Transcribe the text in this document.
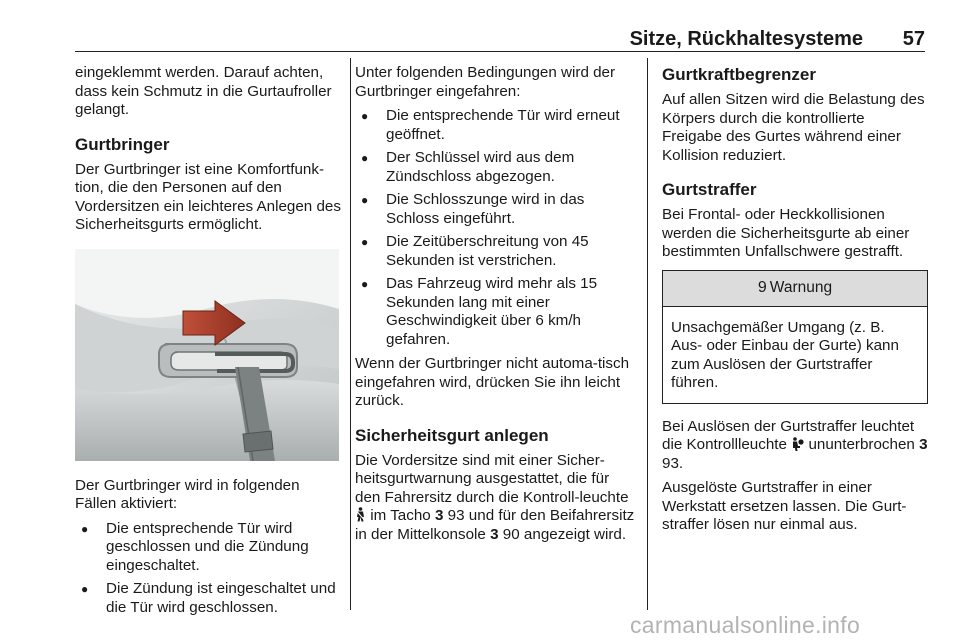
Sitze, Rückhaltesysteme 57

eingeklemmt werden. Darauf achten, dass kein Schmutz in die Gurtaufroller gelangt.

Gurtbringer

Der Gurtbringer ist eine Komfortfunk-tion, die den Personen auf den Vordersitzen ein leichteres Anlegen des Sicherheitsgurts ermöglicht.

Der Gurtbringer wird in folgenden Fällen aktiviert:

● Die entsprechende Tür wird geschlossen und die Zündung eingeschaltet.
● Die Zündung ist eingeschaltet und die Tür wird geschlossen.

Unter folgenden Bedingungen wird der Gurtbringer eingefahren:

● Die entsprechende Tür wird erneut geöffnet.
● Der Schlüssel wird aus dem Zündschloss abgezogen.
● Die Schlosszunge wird in das Schloss eingeführt.
● Die Zeitüberschreitung von 45 Sekunden ist verstrichen.
● Das Fahrzeug wird mehr als 15 Sekunden lang mit einer Geschwindigkeit über 6 km/h gefahren.

Wenn der Gurtbringer nicht automa-tisch eingefahren wird, drücken Sie ihn leicht zurück.

Sicherheitsgurt anlegen

Die Vordersitze sind mit einer Sicher-heitsgurtwarnung ausgestattet, die für den Fahrersitz durch die Kontroll-leuchte  im Tacho 3 93 und für den Beifahrersitz in der Mittelkonsole 3 90 angezeigt wird.

Gurtkraftbegrenzer

Auf allen Sitzen wird die Belastung des Körpers durch die kontrollierte Freigabe des Gurtes während einer Kollision reduziert.

Gurtstraffer

Bei Frontal- oder Heckkollisionen werden die Sicherheitsgurte ab einer bestimmten Unfallschwere gestrafft.

9 Warnung
Unsachgemäßer Umgang (z. B. Aus- oder Einbau der Gurte) kann zum Auslösen der Gurtstraffer führen.

Bei Auslösen der Gurtstraffer leuchtet die Kontrollleuchte ununterbrochen 3 93.

Ausgelöste Gurtstraffer in einer Werkstatt ersetzen lassen. Die Gurt-straffer lösen nur einmal aus.

carmanualsonline.info
